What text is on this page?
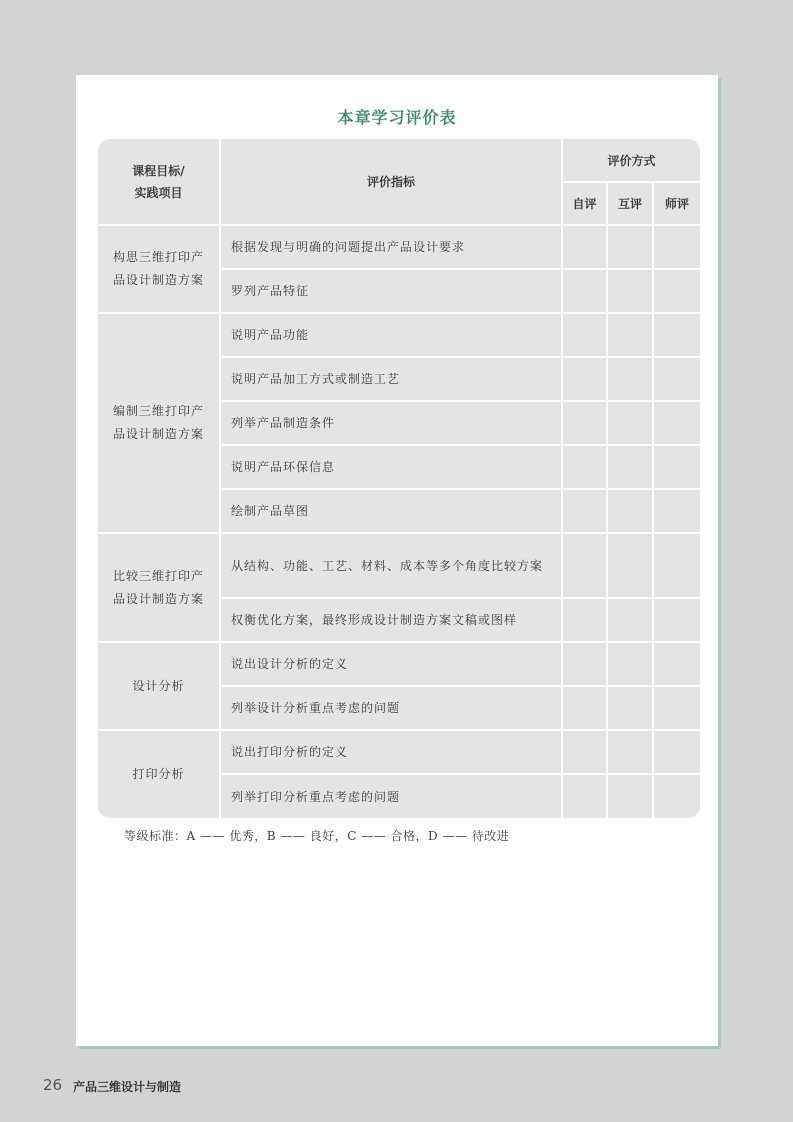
本章学习评价表
课程目标/
实践项目	评价指标	评价方式		
		自评	互评	师评
构思三维打印产
品设计制造方案	根据发现与明确的问题提出产品设计要求			
	罗列产品特征			
编制三维打印产
品设计制造方案	说明产品功能			
	说明产品加工方式或制造工艺			
	列举产品制造条件			
	说明产品环保信息			
	绘制产品草图			
比较三维打印产
品设计制造方案	从结构、功能、工艺、材料、成本等多个角度比较方案			
	权衡优化方案，最终形成设计制造方案文稿或图样			
设计分析	说出设计分析的定义			
	列举设计分析重点考虑的问题			
打印分析	说出打印分析的定义			
	列举打印分析重点考虑的问题			
等级标准：A —— 优秀，B —— 良好，C —— 合格，D —— 待改进
26 产品三维设计与制造
